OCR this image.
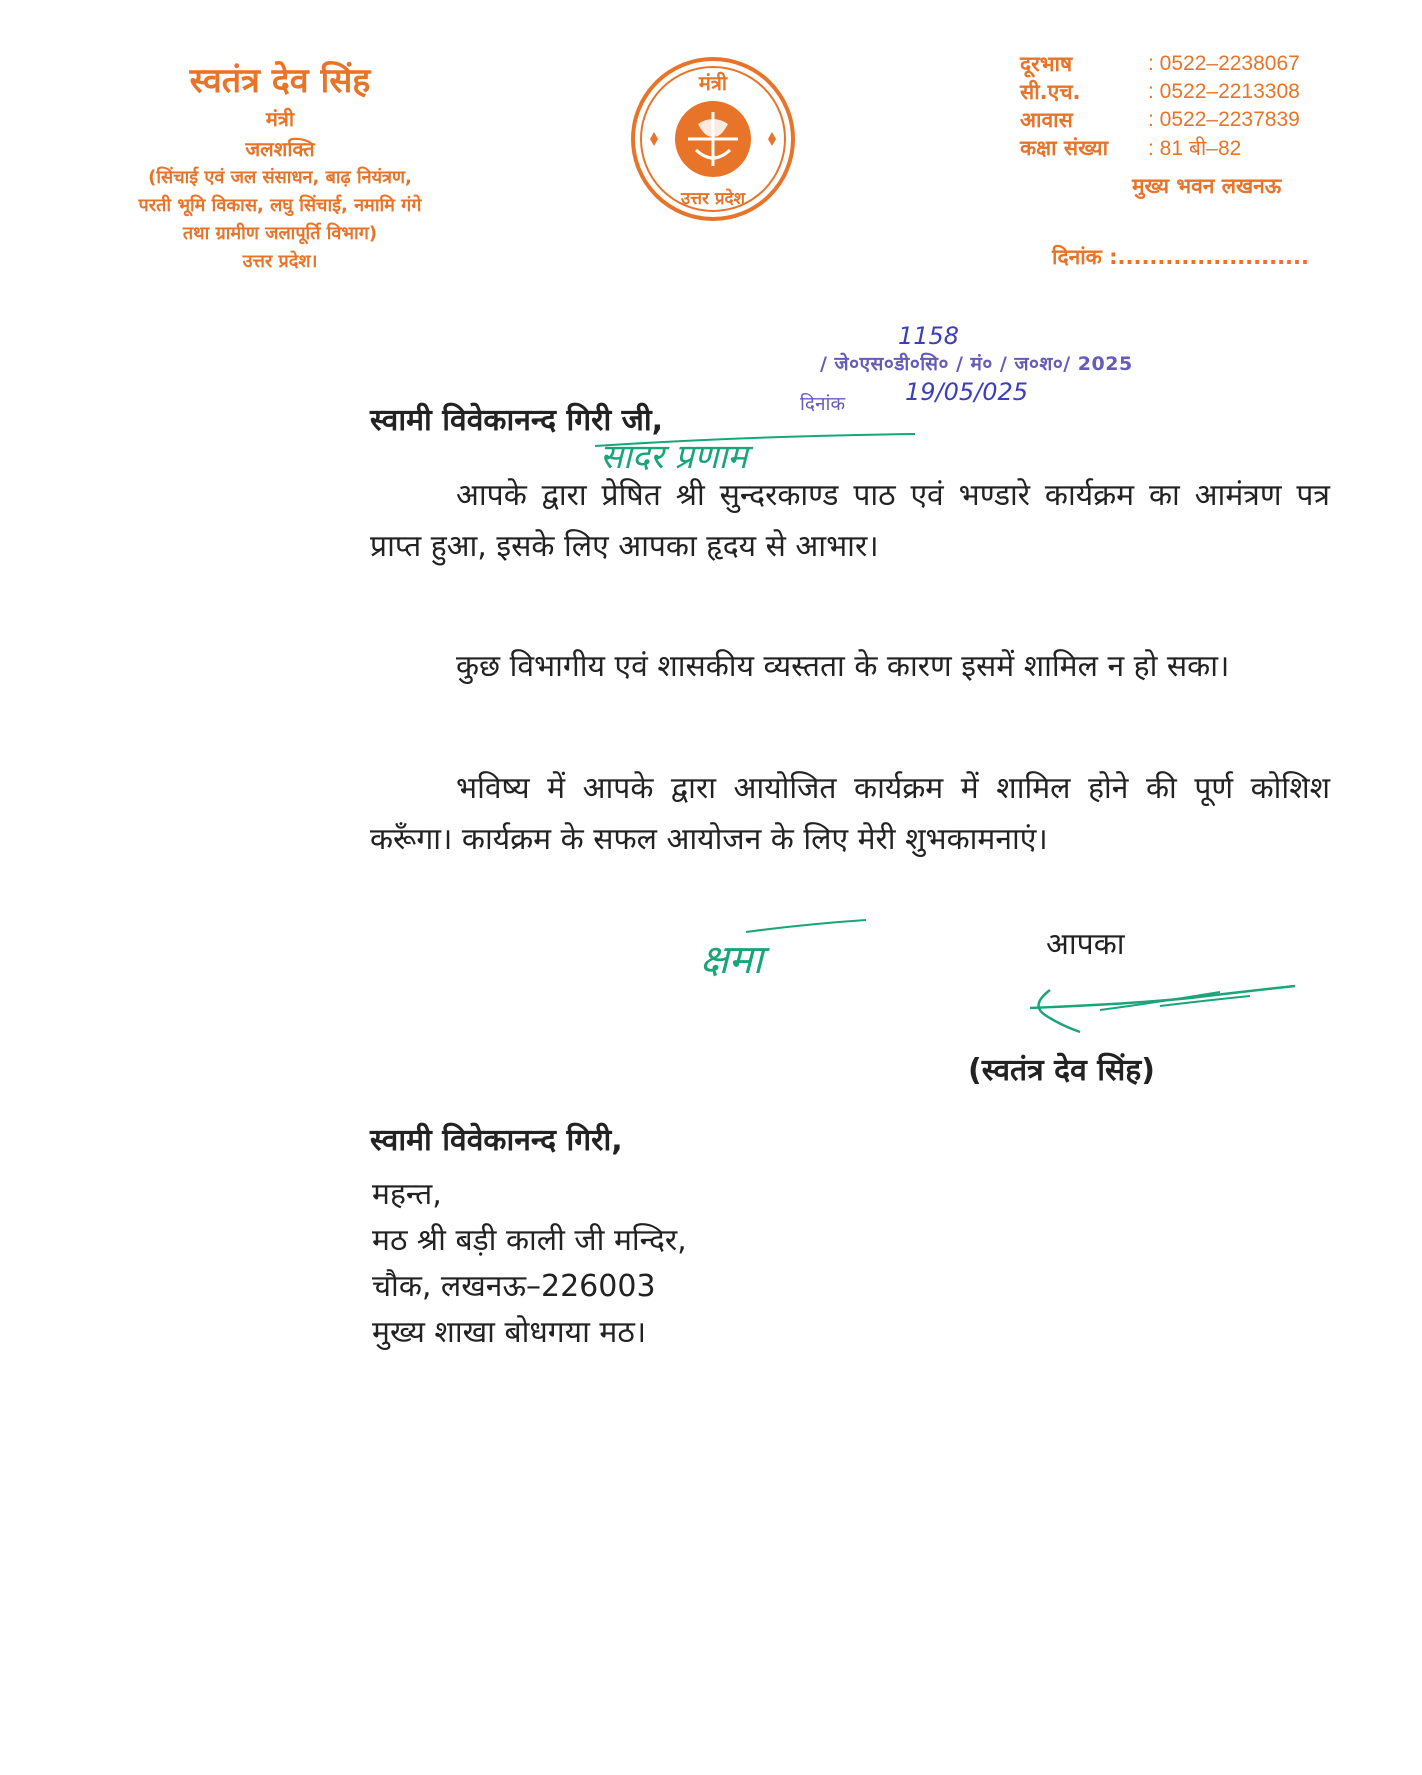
स्वतंत्र देव सिंह
मंत्री
जलशक्ति
(सिंचाई एवं जल संसाधन, बाढ़ नियंत्रण,
परती भूमि विकास, लघु सिंचाई, नमामि गंगे
तथा ग्रामीण जलापूर्ति विभाग)
उत्तर प्रदेश।
मंत्री
उत्तर प्रदेश
दूरभाष	: 0522–2238067
सी.एच.	: 0522–2213308
आवास	: 0522–2237839
कक्षा संख्या	: 81 बी–82
मुख्य भवन लखनऊ
दिनांक :........................
/ जे०एस०डी०सि० / मं० / ज०श०/ 2025
दिनांक
1158
19/05/025
स्वामी विवेकानन्द गिरी जी,
सादर प्रणाम

आपके द्वारा प्रेषित श्री सुन्दरकाण्ड पाठ एवं भण्डारे कार्यक्रम का आमंत्रण पत्र प्राप्त हुआ, इसके लिए आपका हृदय से आभार।

कुछ विभागीय एवं शासकीय व्यस्तता के कारण इसमें शामिल न हो सका।

भविष्य में आपके द्वारा आयोजित कार्यक्रम में शामिल होने की पूर्ण कोशिश करूँगा। कार्यक्रम के सफल आयोजन के लिए मेरी शुभकामनाएं।

क्षमा	आपका
(स्वतंत्र देव सिंह)
स्वामी विवेकानन्द गिरी,
महन्त,
मठ श्री बड़ी काली जी मन्दिर,
चौक, लखनऊ–226003
मुख्य शाखा बोधगया मठ।
